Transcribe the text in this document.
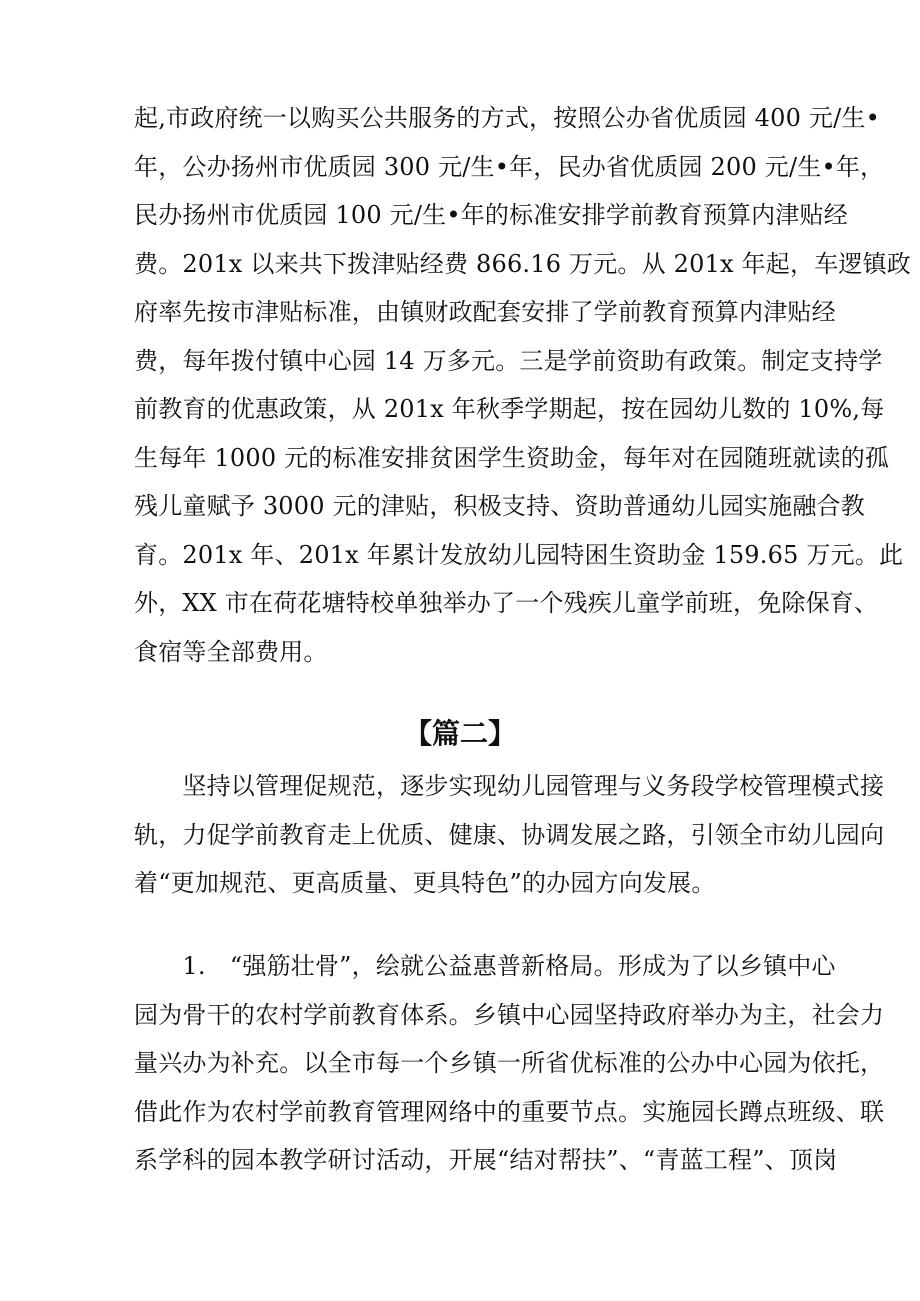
起,市政府统一以购买公共服务的方式，按照公办省优质园 400 元/生•
年，公办扬州市优质园 300 元/生•年，民办省优质园 200 元/生•年，
民办扬州市优质园 100 元/生•年的标准安排学前教育预算内津贴经
费。201x 以来共下拨津贴经费 866.16 万元。从 201x 年起，车逻镇政
府率先按市津贴标准，由镇财政配套安排了学前教育预算内津贴经
费，每年拨付镇中心园 14 万多元。三是学前资助有政策。制定支持学
前教育的优惠政策，从 201x 年秋季学期起，按在园幼儿数的 10%,每
生每年 1000 元的标准安排贫困学生资助金，每年对在园随班就读的孤
残儿童赋予 3000 元的津贴，积极支持、资助普通幼儿园实施融合教
育。201x 年、201x 年累计发放幼儿园特困生资助金 159.65 万元。此
外，XX 市在荷花塘特校单独举办了一个残疾儿童学前班，免除保育、
食宿等全部费用。
【篇二】
　　坚持以管理促规范，逐步实现幼儿园管理与义务段学校管理模式接
轨，力促学前教育走上优质、健康、协调发展之路，引领全市幼儿园向
着“更加规范、更高质量、更具特色”的办园方向发展。
　　1.　“强筋壮骨”，绘就公益惠普新格局。形成为了以乡镇中心
园为骨干的农村学前教育体系。乡镇中心园坚持政府举办为主，社会力
量兴办为补充。以全市每一个乡镇一所省优标准的公办中心园为依托，
借此作为农村学前教育管理网络中的重要节点。实施园长蹲点班级、联
系学科的园本教学研讨活动，开展“结对帮扶”、“青蓝工程”、顶岗
